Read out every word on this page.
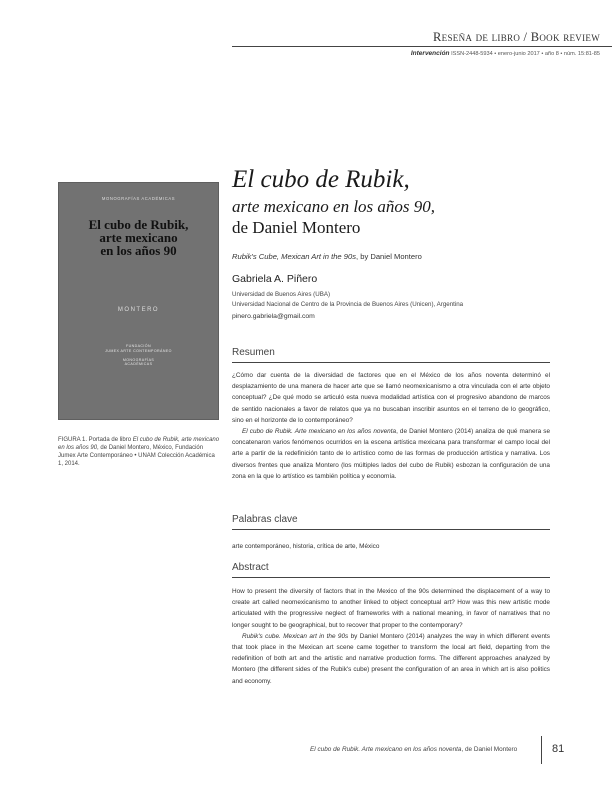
Reseña de libro / Book review
Intervención ISSN-2448-5934 • enero-junio 2017 • año 8 • núm. 15:81-85
MONOGRAFÍAS ACADÉMICAS
El cubo de Rubik,
arte mexicano
en los años 90
MONTERO
FUNDACIÓN
JUMEX ARTE CONTEMPORÁNEO

MONOGRAFÍAS
ACADÉMICAS
FIGURA 1. Portada de libro El cubo de Rubik, arte mexicano en los años 90, de Daniel Montero, México, Fundación Jumex Arte Contemporáneo • UNAM Colección Académica 1, 2014.
El cubo de Rubik,
arte mexicano en los años 90,
de Daniel Montero
Rubik's Cube, Mexican Art in the 90s, by Daniel Montero
Gabriela A. Piñero
Universidad de Buenos Aires (UBA)
Universidad Nacional de Centro de la Provincia de Buenos Aires (Unicen), Argentina
pinero.gabriela@gmail.com
Resumen

¿Cómo dar cuenta de la diversidad de factores que en el México de los años noventa determinó el desplazamiento de una manera de hacer arte que se llamó neomexicanismo a otra vinculada con el arte objeto conceptual? ¿De qué modo se articuló esta nueva modalidad artística con el progresivo abandono de marcos de sentido nacionales a favor de relatos que ya no buscaban inscribir asuntos en el terreno de lo geográfico, sino en el horizonte de lo contemporáneo?

El cubo de Rubik. Arte mexicano en los años noventa, de Daniel Montero (2014) analiza de qué manera se concatenaron varios fenómenos ocurridos en la escena artística mexicana para transformar el campo local del arte a partir de la redefinición tanto de lo artístico como de las formas de producción artística y narrativa. Los diversos frentes que analiza Montero (los múltiples lados del cubo de Rubik) esbozan la configuración de una zona en la que lo artístico es también política y economía.

Palabras clave
arte contemporáneo, historia, crítica de arte, México
Abstract

How to present the diversity of factors that in the Mexico of the 90s determined the displacement of a way to create art called neomexicanismo to another linked to object conceptual art? How was this new artistic mode articulated with the progressive neglect of frameworks with a national meaning, in favor of narratives that no longer sought to be geographical, but to recover that proper to the contemporary?

Rubik's cube. Mexican art in the 90s by Daniel Montero (2014) analyzes the way in which different events that took place in the Mexican art scene came together to transform the local art field, departing from the redefinition of both art and the artistic and narrative production forms. The different approaches analyzed by Montero (the different sides of the Rubik's cube) present the configuration of an area in which art is also politics and economy.

El cubo de Rubik. Arte mexicano en los años noventa, de Daniel Montero	81
